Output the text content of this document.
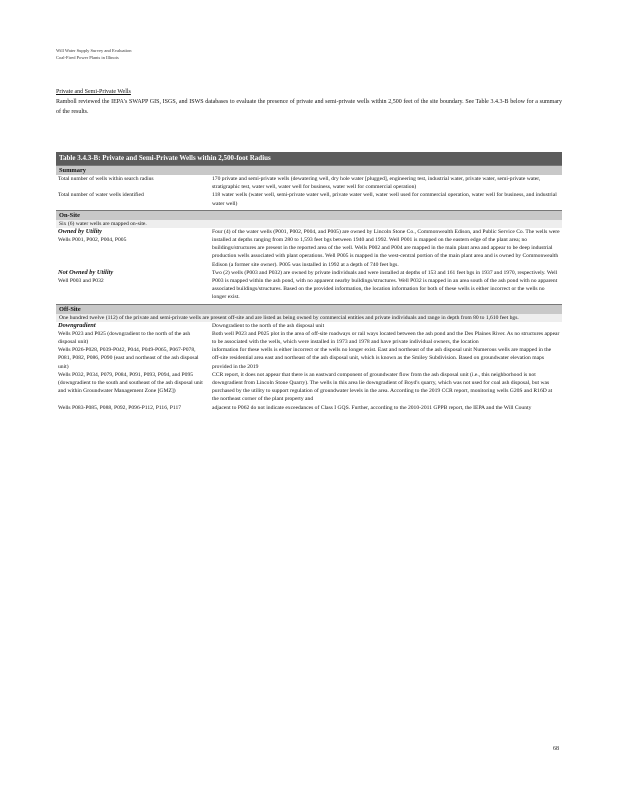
Will Water Supply Survey and Evaluation
Coal-Fired Power Plants in Illinois
Private and Semi-Private Wells
Ramboll reviewed the IEPA's SWAPP GIS, ISGS, and ISWS databases to evaluate the presence of private and semi-private wells within 2,500 feet of the site boundary. See Table 3.4.3-B below for a summary of the results.
Table 3.4.3-B: Private and Semi-Private Wells within 2,500-foot Radius	
Summary	
Total number of wells within search radius	170 private and semi-private wells (dewatering well, dry hole water [plugged], engineering test, industrial water, private water, semi-private water, stratigraphic test, water well, water well for business, water well for commercial operation)
Total number of water wells identified	118 water wells (water well, semi-private water well, private water well, water well used for commercial operation, water well for business, and industrial water well)

On-Site	
Six (6) water wells are mapped on-site.	

Owned by Utility
Wells P001, P002, P004, P005	Four (4) of the water wells (P001, P002, P004, and P005) are owned by Lincoln Stone Co., Commonwealth Edison, and Public Service Co. The wells were installed at depths ranging from 280 to 1,593 feet bgs between 1940 and 1992. Well P001 is mapped on the eastern edge of the plant area; no buildings/structures are present in the reported area of the well. Wells P002 and P004 are mapped in the main plant area and appear to be deep industrial production wells associated with plant operations. Well P005 is mapped in the west-central portion of the main plant area and is owned by Commonwealth Edison (a former site owner). P005 was installed in 1992 at a depth of 740 feet bgs.

Not Owned by Utility
Well P003 and P032	Two (2) wells (P003 and P032) are owned by private individuals and were installed at depths of 153 and 161 feet bgs in 1937 and 1970, respectively. Well P003 is mapped within the ash pond, with no apparent nearby buildings/structures. Well P032 is mapped in an area south of the ash pond with no apparent associated buildings/structures. Based on the provided information, the location information for both of these wells is either incorrect or the wells no longer exist.

Off-Site	
One hundred twelve (112) of the private and semi-private wells are present off-site and are listed as being owned by commercial entities and private individuals and range in depth from 80 to 1,610 feet bgs.	

Downgradient
Wells P023 and P025 (downgradient to the north of the ash disposal unit)	Downgradient to the north of the ash disposal unit
Both well P023 and P025 plot in the area of off-site roadways or rail ways located between the ash pond and the Des Plaines River. As no structures appear to be associated with the wells, which were installed in 1973 and 1978 and have private individual owners, the location
Wells P026-P028, P039-P042, P044, P049-P065, P067-P078, P081, P082, P086, P090 (east and northeast of the ash disposal unit)	information for these wells is either incorrect or the wells no longer exist. East and northeast of the ash disposal unit Numerous wells are mapped in the off-site residential area east and northeast of the ash disposal unit, which is known as the Smiley Subdivision. Based on groundwater elevation maps provided in the 2019
Wells P032, P034, P079, P084, P091, P093, P094, and P095 (downgradient to the south and southeast of the ash disposal unit and within Groundwater Management Zone [GMZ])	CCR report, it does not appear that there is an eastward component of groundwater flow from the ash disposal unit (i.e., this neighborhood is not downgradient from Lincoln Stone Quarry). The wells in this area lie downgradient of Boyd's quarry, which was not used for coal ash disposal, but was purchased by the utility to support regulation of groundwater levels in the area. According to the 2019 CCR report, monitoring wells G20S and R16D at the northeast corner of the plant property and
Wells P083-P085, P088, P092, P096-P112, P116, P117	adjacent to P062 do not indicate exceedances of Class I GQS. Further, according to the 2010-2011 GPPB report, the IEPA and the Will County
68
